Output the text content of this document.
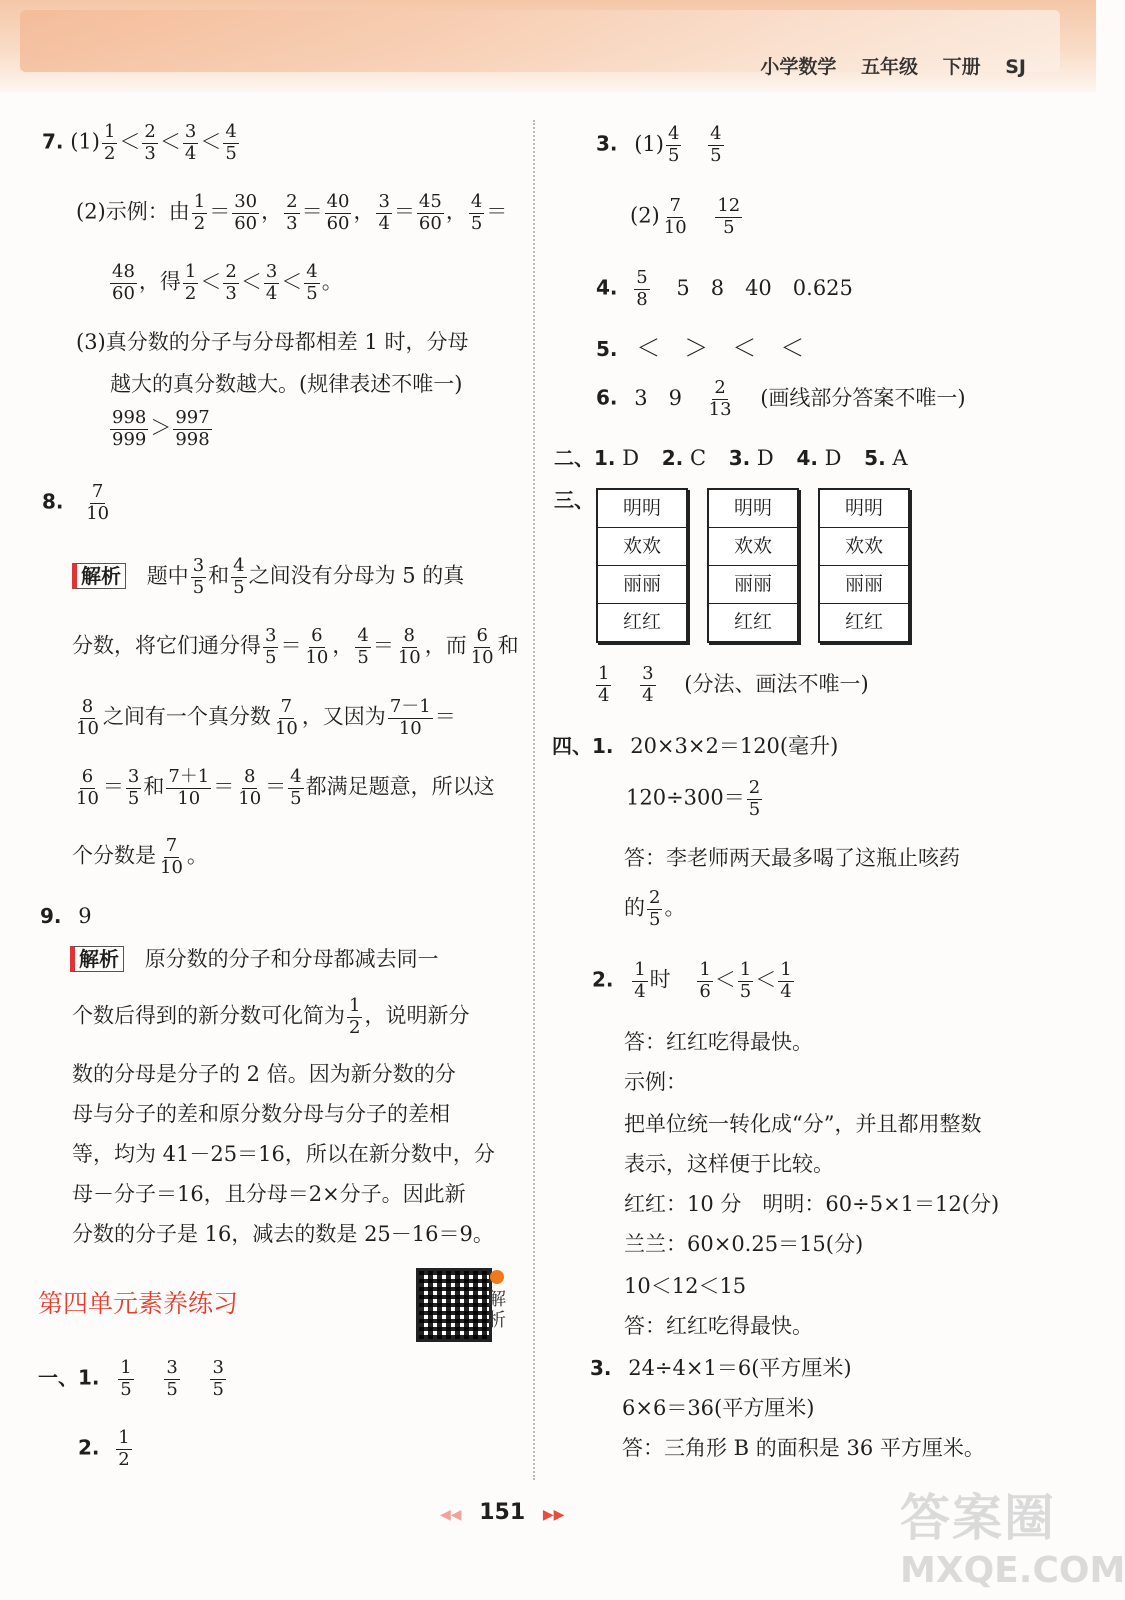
小学数学 五年级 下册 SJ
7. $(1) \frac{1}{2} < \frac{2}{3} < \frac{3}{4} < \frac{4}{5}$
(2)示例：由 $\frac{1}{2} = \frac{30}{60}$ ， $\frac{2}{3} = \frac{40}{60}$ ， $\frac{3}{4} = \frac{45}{60}$ ， $\frac{4}{5}$ ＝
$\frac{48}{60}$ ，得 $\frac{1}{2} < \frac{2}{3} < \frac{3}{4} < \frac{4}{5}$ 。
(3)真分数的分子与分母都相差 1 时，分母
越大的真分数越大。(规律表述不唯一)
$\frac{998}{999} > \frac{997}{998}$
8. $\frac{7}{10}$
解析 题中 $\frac{3}{5}$ 和 $\frac{4}{5}$ 之间没有分母为 5 的真
分数，将它们通分得 $\frac{3}{5} = \frac{6}{10}$ ， $\frac{4}{5} = \frac{8}{10}$ ，而 $\frac{6}{10}$ 和
$\frac{8}{10}$ 之间有一个真分数 $\frac{7}{10}$ ，又因为 $\frac{7-1}{10}$ ＝
$\frac{6}{10} = \frac{3}{5}$ 和 $\frac{7+1}{10} = \frac{8}{10} = \frac{4}{5}$ 都满足题意，所以这
个分数是 $\frac{7}{10}$ 。
9. 9
解析 原分数的分子和分母都减去同一
个数后得到的新分数可化简为 $\frac{1}{2}$ ，说明新分
数的分母是分子的 2 倍。因为新分数的分
母与分子的差和原分数分母与分子的差相
等，均为 41－25＝16，所以在新分数中，分
母－分子＝16，且分母＝2×分子。因此新
分数的分子是 16，减去的数是 25－16＝9。
第四单元素养练习	解析
一、1. $\frac{1}{5}$
$\frac{3}{5}$
$\frac{3}{5}$
2. $\frac{1}{2}$
3. $(1) \frac{4}{5}$
$\frac{4}{5}$
$(2) \frac{7}{10}$
$\frac{12}{5}$
4. $\frac{5}{8} 5$　8　40　0.625
5. ＜　＞　＜　＜
6. 3　$9 \frac{2}{13}$ (画线部分答案不唯一)
二、1. D 2. C 3. D 4. D 5. A
三、	明明
欢欢
丽丽
红红
明明
欢欢
丽丽
红红
明明
欢欢
丽丽
红红
$\frac{1}{4}$
$\frac{3}{4}$ (分法、画法不唯一)
四、1. 20×3×2＝120(毫升)
$120\div 300= \frac{2}{5}$
答：李老师两天最多喝了这瓶止咳药
的 $\frac{2}{5}$ 。
2. $\frac{1}{4}$ 时 $\frac{1}{6} < \frac{1}{5} < \frac{1}{4}$
答：红红吃得最快。
示例：
把单位统一转化成“分”，并且都用整数
表示，这样便于比较。
红红：10 分　明明：60÷5×1＝12(分)
兰兰：60×0.25＝15(分)
10＜12＜15
答：红红吃得最快。
3. 24÷4×1＝6(平方厘米)
6×6＝36(平方厘米)
答：三角形 B 的面积是 36 平方厘米。
◀◀ 151 ▶▶	答案圈
MXQE.COM
